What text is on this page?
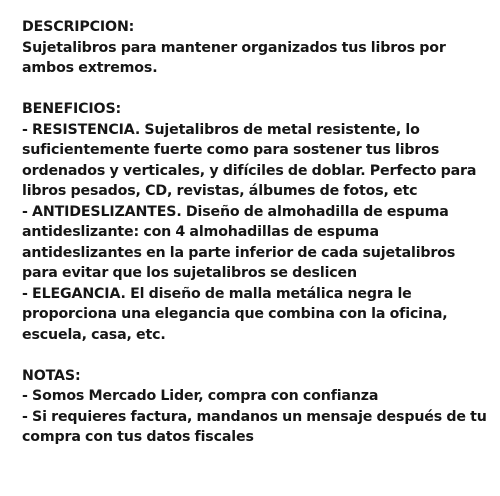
DESCRIPCION:
Sujetalibros para mantener organizados tus libros por
ambos extremos.
BENEFICIOS:
- RESISTENCIA. Sujetalibros de metal resistente, lo
suficientemente fuerte como para sostener tus libros
ordenados y verticales, y difíciles de doblar. Perfecto para
libros pesados, CD, revistas, álbumes de fotos, etc
- ANTIDESLIZANTES. Diseño de almohadilla de espuma
antideslizante: con 4 almohadillas de espuma
antideslizantes en la parte inferior de cada sujetalibros
para evitar que los sujetalibros se deslicen
- ELEGANCIA. El diseño de malla metálica negra le
proporciona una elegancia que combina con la oficina,
escuela, casa, etc.
NOTAS:
- Somos Mercado Lider, compra con confianza
- Si requieres factura, mandanos un mensaje después de tu
compra con tus datos fiscales
